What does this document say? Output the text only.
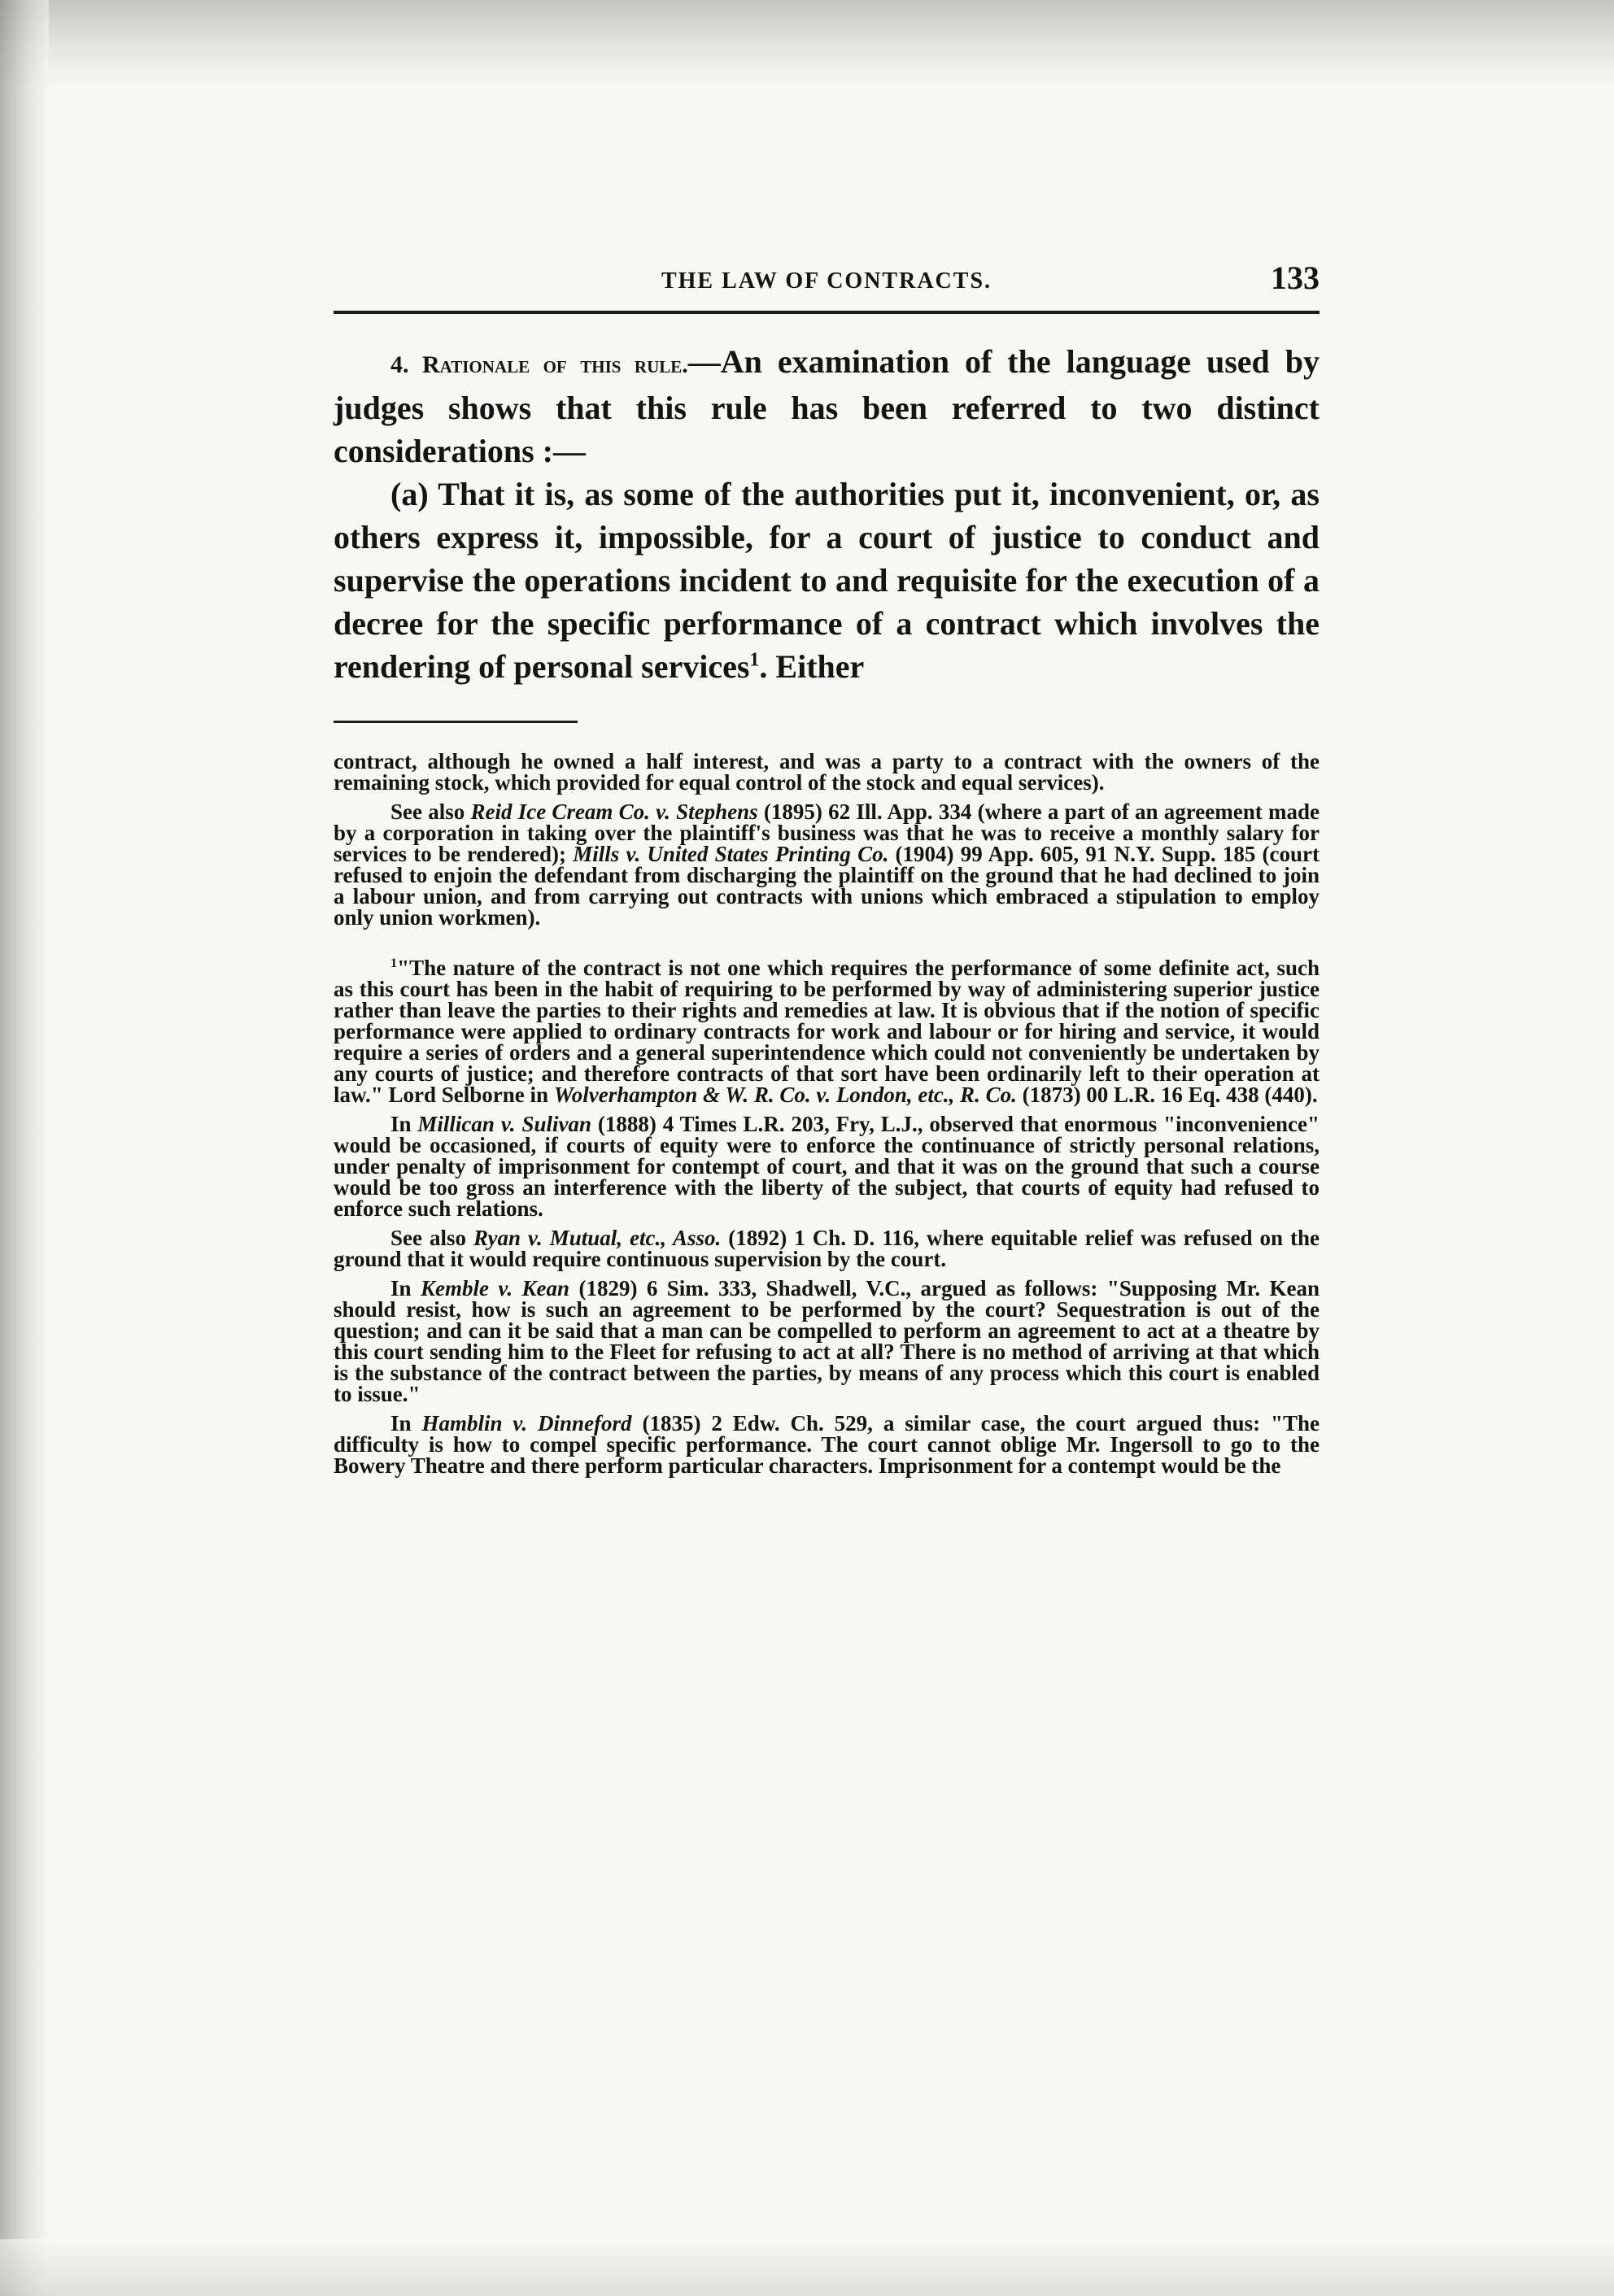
THE LAW OF CONTRACTS.	133

4. Rationale of this rule.—An examination of the language used by judges shows that this rule has been referred to two distinct considerations :—

(a) That it is, as some of the authorities put it, inconvenient, or, as others express it, impossible, for a court of justice to conduct and supervise the operations incident to and requisite for the execution of a decree for the specific performance of a contract which involves the rendering of personal services$^1$. Either

contract, although he owned a half interest, and was a party to a contract with the owners of the remaining stock, which provided for equal control of the stock and equal services).

See also Reid Ice Cream Co. v. Stephens (1895) 62 Ill. App. 334 (where a part of an agreement made by a corporation in taking over the plaintiff's business was that he was to receive a monthly salary for services to be rendered); Mills v. United States Printing Co. (1904) 99 App. 605, 91 N.Y. Supp. 185 (court refused to enjoin the defendant from discharging the plaintiff on the ground that he had declined to join a labour union, and from carrying out contracts with unions which embraced a stipulation to employ only union workmen).

$^1$"The nature of the contract is not one which requires the performance of some definite act, such as this court has been in the habit of requiring to be performed by way of administering superior justice rather than leave the parties to their rights and remedies at law. It is obvious that if the notion of specific performance were applied to ordinary contracts for work and labour or for hiring and service, it would require a series of orders and a general superintendence which could not conveniently be undertaken by any courts of justice; and therefore contracts of that sort have been ordinarily left to their operation at law." Lord Selborne in Wolverhampton & W. R. Co. v. London, etc., R. Co. (1873) 00 L.R. 16 Eq. 438 (440).

In Millican v. Sulivan (1888) 4 Times L.R. 203, Fry, L.J., observed that enormous "inconvenience" would be occasioned, if courts of equity were to enforce the continuance of strictly personal relations, under penalty of imprisonment for contempt of court, and that it was on the ground that such a course would be too gross an interference with the liberty of the subject, that courts of equity had refused to enforce such relations.

See also Ryan v. Mutual, etc., Asso. (1892) 1 Ch. D. 116, where equitable relief was refused on the ground that it would require continuous supervision by the court.

In Kemble v. Kean (1829) 6 Sim. 333, Shadwell, V.C., argued as follows: "Supposing Mr. Kean should resist, how is such an agreement to be performed by the court? Sequestration is out of the question; and can it be said that a man can be compelled to perform an agreement to act at a theatre by this court sending him to the Fleet for refusing to act at all? There is no method of arriving at that which is the substance of the contract between the parties, by means of any process which this court is enabled to issue."

In Hamblin v. Dinneford (1835) 2 Edw. Ch. 529, a similar case, the court argued thus: "The difficulty is how to compel specific performance. The court cannot oblige Mr. Ingersoll to go to the Bowery Theatre and there perform particular characters. Imprisonment for a contempt would be the
